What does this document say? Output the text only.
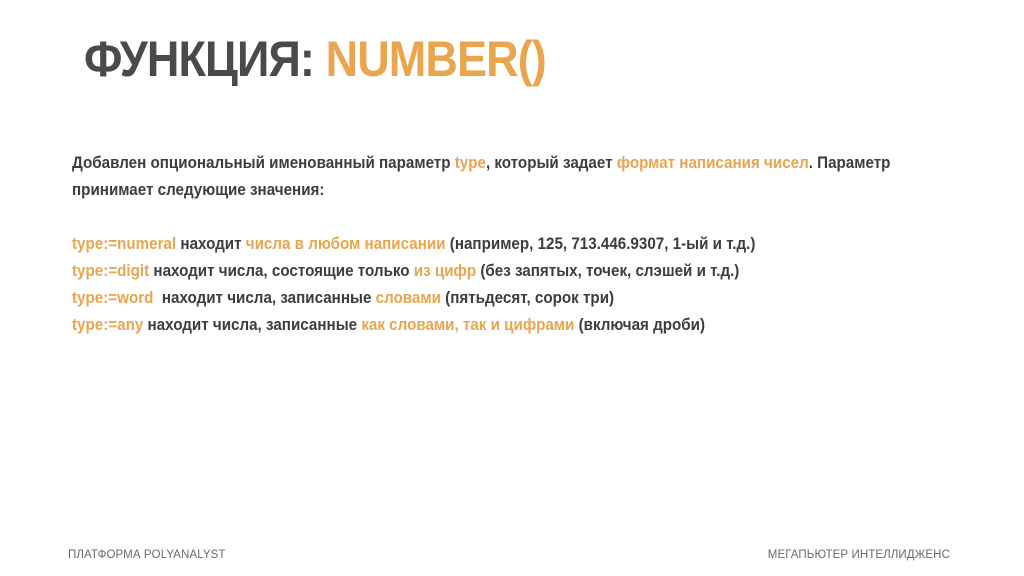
ФУНКЦИЯ: NUMBER()

Добавлен опциональный именованный параметр type, который задает формат написания чисел. Параметр

принимает следующие значения:

type:=numeral находит числа в любом написании (например, 125, 713.446.9307, 1-ый и т.д.)

type:=digit находит числа, состоящие только из цифр (без запятых, точек, слэшей и т.д.)

type:=word  находит числа, записанные словами (пятьдесят, сорок три)

type:=any находит числа, записанные как словами, так и цифрами (включая дроби)

ПЛАТФОРМА POLYANALYST	МЕГАПЬЮТЕР ИНТЕЛЛИДЖЕНС
